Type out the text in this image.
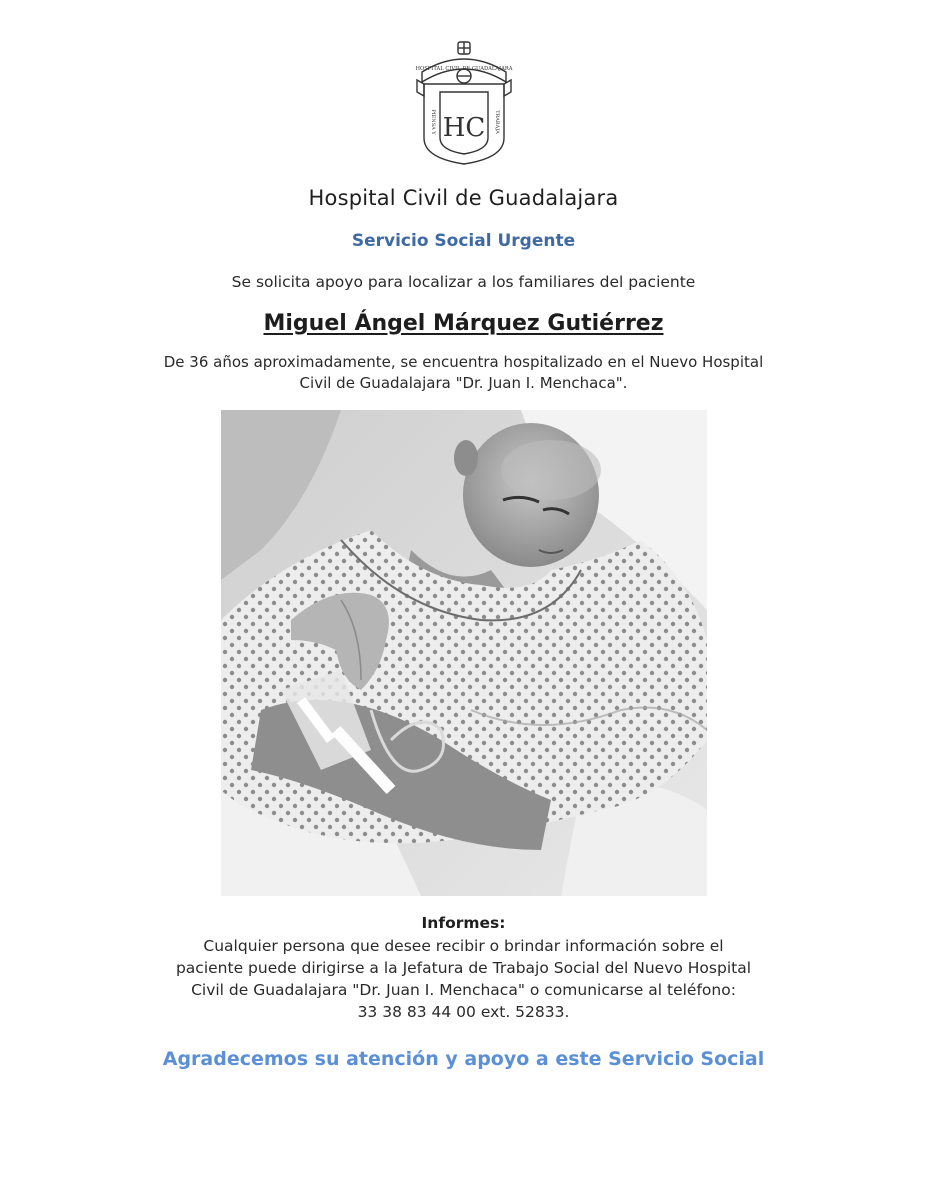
HOSPITAL CIVIL DE GUADALAJARA
HC
PIENSA Y	TRABAJA
Hospital Civil de Guadalajara
Servicio Social Urgente
Se solicita apoyo para localizar a los familiares del paciente
Miguel Ángel Márquez Gutiérrez
De 36 años aproximadamente, se encuentra hospitalizado en el Nuevo Hospital
Civil de Guadalajara "Dr. Juan I. Menchaca".
Informes:
Cualquier persona que desee recibir o brindar información sobre el
paciente puede dirigirse a la Jefatura de Trabajo Social del Nuevo Hospital
Civil de Guadalajara "Dr. Juan I. Menchaca" o comunicarse al teléfono:
33 38 83 44 00 ext. 52833.
Agradecemos su atención y apoyo a este Servicio Social
